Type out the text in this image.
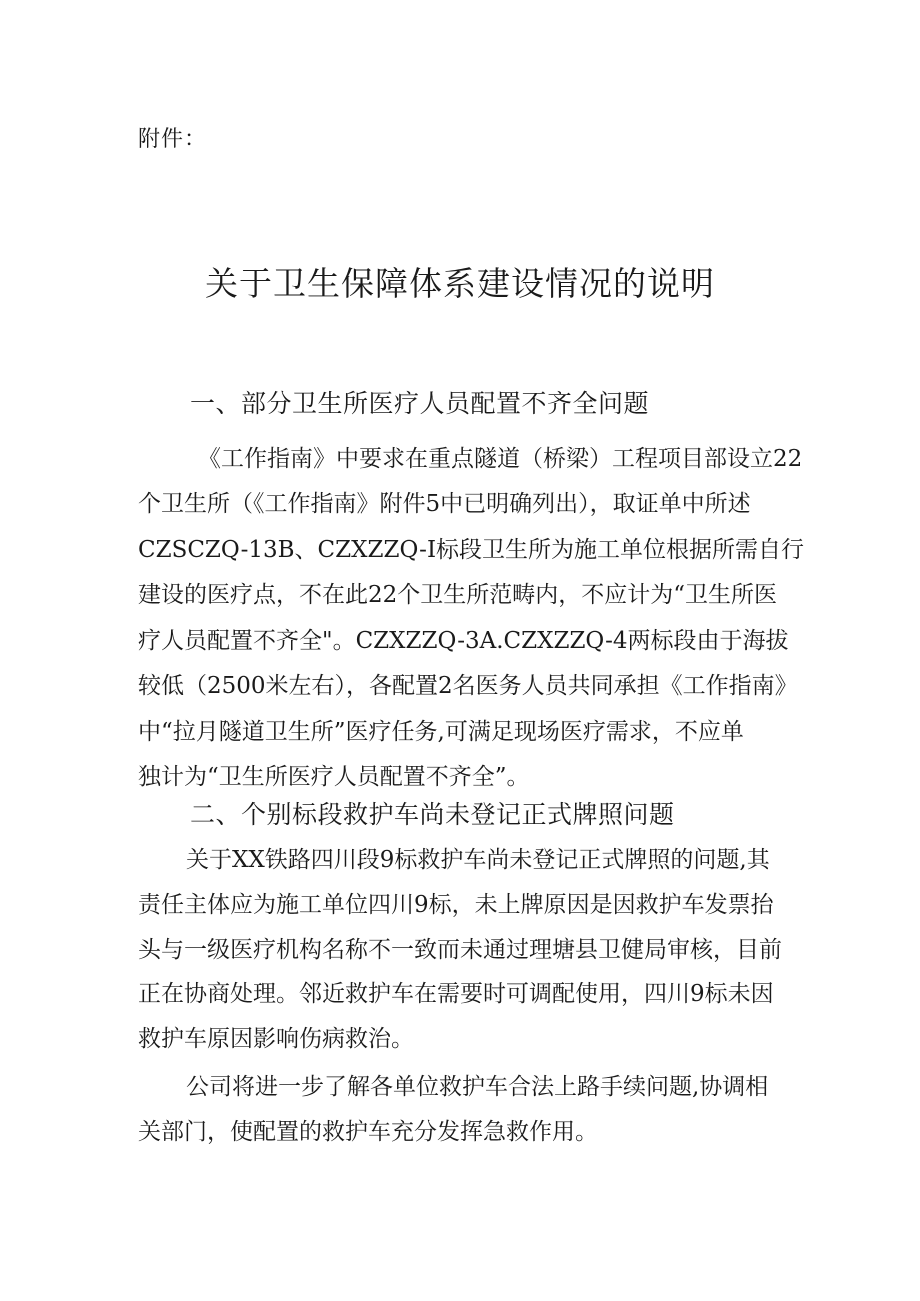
附件：
关于卫生保障体系建设情况的说明
一、部分卫生所医疗人员配置不齐全问题
《工作指南》中要求在重点隧道（桥梁）工程项目部设立22
个卫生所（《工作指南》附件5中已明确列出），取证单中所述
CZSCZQ-13B、CZXZZQ-I标段卫生所为施工单位根据所需自行
建设的医疗点，不在此22个卫生所范畴内，不应计为“卫生所医
疗人员配置不齐全"。CZXZZQ-3A.CZXZZQ-4两标段由于海拔
较低（2500米左右），各配置2名医务人员共同承担《工作指南》
中“拉月隧道卫生所”医疗任务,可满足现场医疗需求，不应单
独计为“卫生所医疗人员配置不齐全”。
二、个别标段救护车尚未登记正式牌照问题
关于XX铁路四川段9标救护车尚未登记正式牌照的问题,其
责任主体应为施工单位四川9标，未上牌原因是因救护车发票抬
头与一级医疗机构名称不一致而未通过理塘县卫健局审核，目前
正在协商处理。邻近救护车在需要时可调配使用，四川9标未因
救护车原因影响伤病救治。
公司将进一步了解各单位救护车合法上路手续问题,协调相
关部门，使配置的救护车充分发挥急救作用。
